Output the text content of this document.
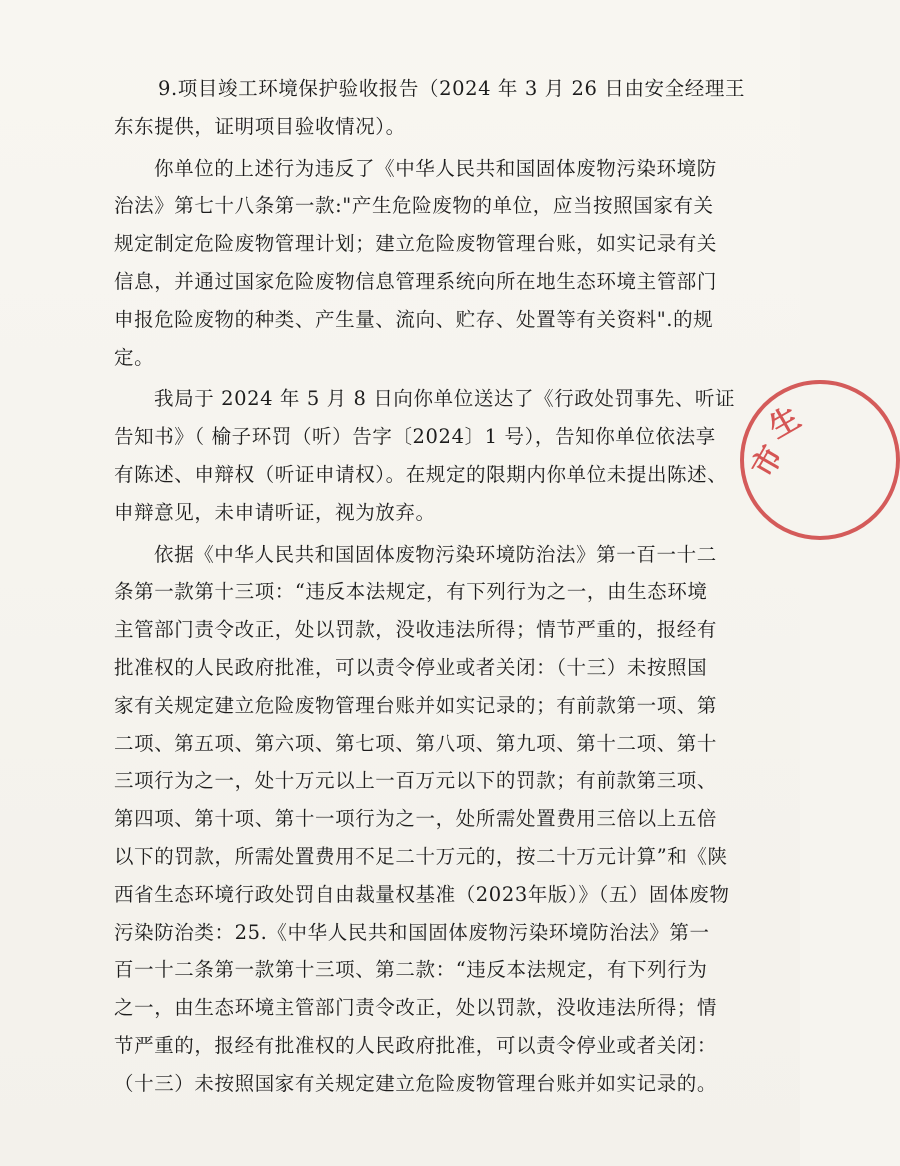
9.项目竣工环境保护验收报告（2024 年 3 月 26 日由安全经理王
东东提供，证明项目验收情况）。

你单位的上述行为违反了《中华人民共和国固体废物污染环境防
治法》第七十八条第一款:"产生危险废物的单位，应当按照国家有关
规定制定危险废物管理计划；建立危险废物管理台账，如实记录有关
信息，并通过国家危险废物信息管理系统向所在地生态环境主管部门
申报危险废物的种类、产生量、流向、贮存、处置等有关资料".的规
定。

我局于 2024 年 5 月 8 日向你单位送达了《行政处罚事先、听证
告知书》（ 榆子环罚（听）告字〔2024〕1 号），告知你单位依法享
有陈述、申辩权（听证申请权）。在规定的限期内你单位未提出陈述、
申辩意见，未申请听证，视为放弃。

依据《中华人民共和国固体废物污染环境防治法》第一百一十二
条第一款第十三项：“违反本法规定，有下列行为之一，由生态环境
主管部门责令改正，处以罚款，没收违法所得；情节严重的，报经有
批准权的人民政府批准，可以责令停业或者关闭：（十三）未按照国
家有关规定建立危险废物管理台账并如实记录的；有前款第一项、第
二项、第五项、第六项、第七项、第八项、第九项、第十二项、第十
三项行为之一，处十万元以上一百万元以下的罚款；有前款第三项、
第四项、第十项、第十一项行为之一，处所需处置费用三倍以上五倍
以下的罚款，所需处置费用不足二十万元的，按二十万元计算”和《陕
西省生态环境行政处罚自由裁量权基准（2023年版）》（五）固体废物
污染防治类：25.《中华人民共和国固体废物污染环境防治法》第一
百一十二条第一款第十三项、第二款：“违反本法规定，有下列行为
之一，由生态环境主管部门责令改正，处以罚款，没收违法所得；情
节严重的，报经有批准权的人民政府批准，可以责令停业或者关闭：
（十三）未按照国家有关规定建立危险废物管理台账并如实记录的。

市
生
